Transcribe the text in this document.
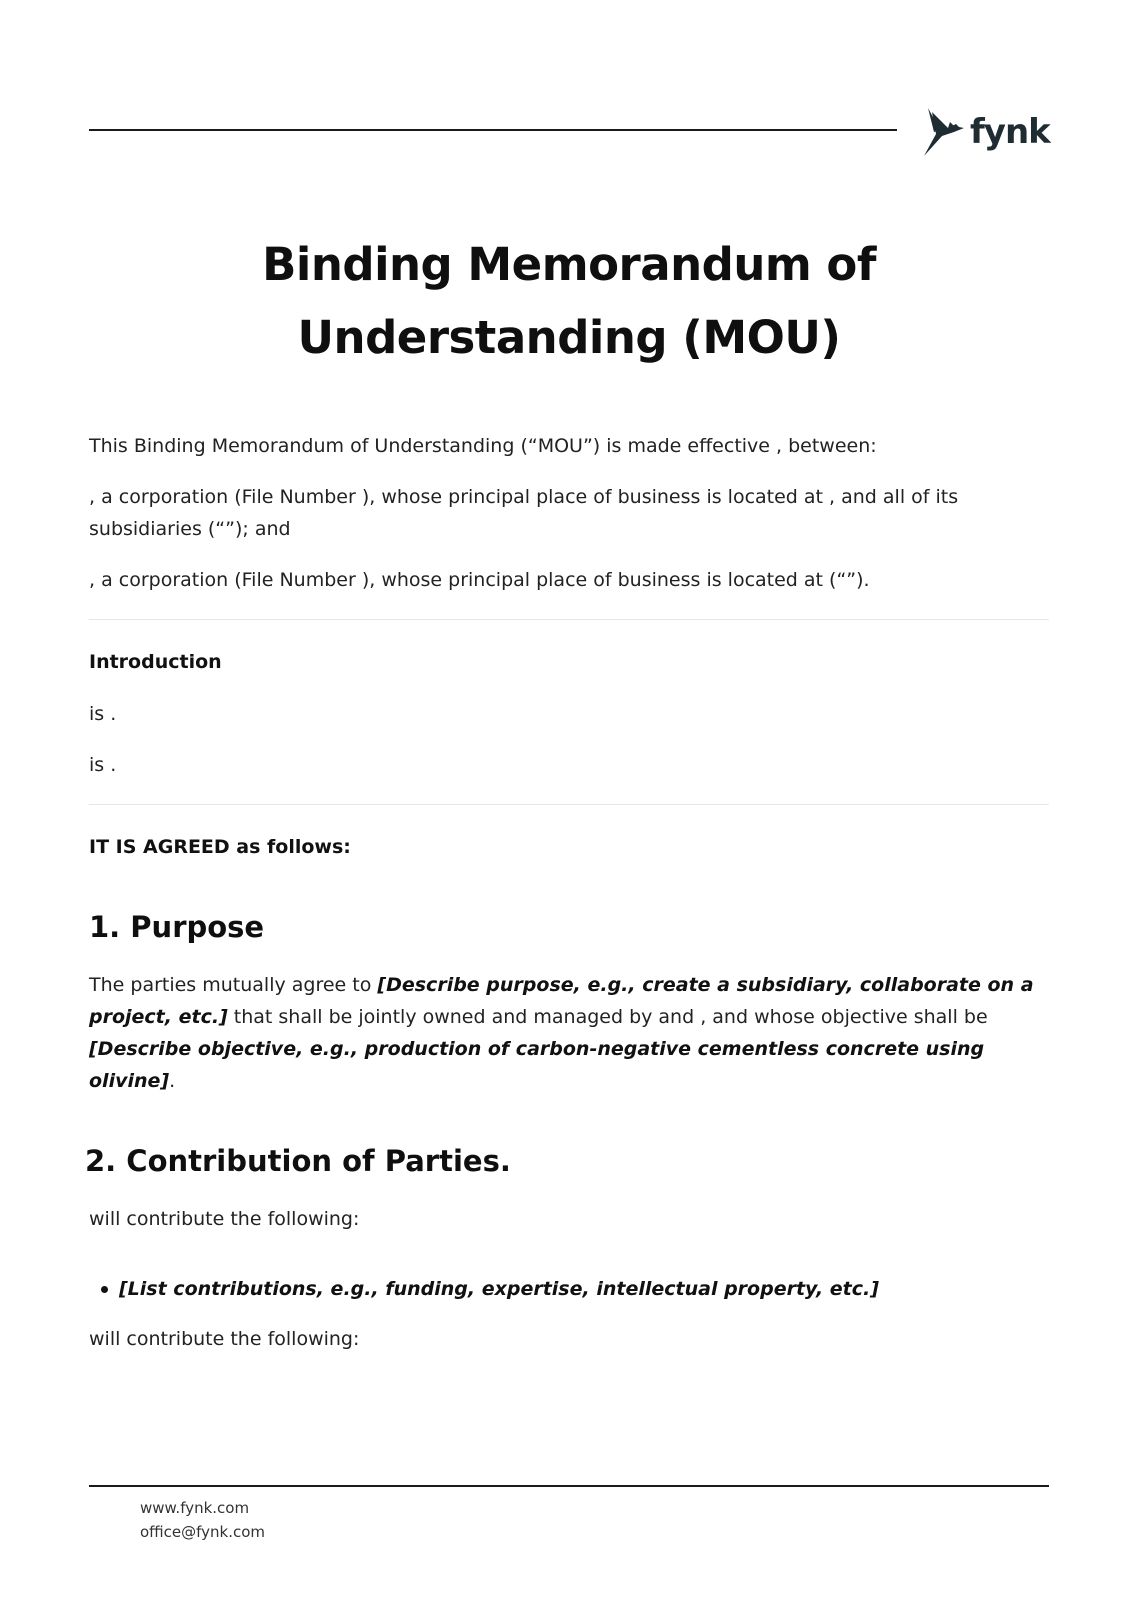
fynk
Binding Memorandum of
Understanding (MOU)

This Binding Memorandum of Understanding (“MOU”) is made effective , between:

, a corporation (File Number ), whose principal place of business is located at , and all of its subsidiaries (“”); and

, a corporation (File Number ), whose principal place of business is located at (“”).

Introduction

is .

is .

IT IS AGREED as follows:

1. Purpose

The parties mutually agree to [Describe purpose, e.g., create a subsidiary, collaborate on a project, etc.] that shall be jointly owned and managed by and , and whose objective shall be [Describe objective, e.g., production of carbon-negative cementless concrete using olivine].

2. Contribution of Parties.

will contribute the following:

[List contributions, e.g., funding, expertise, intellectual property, etc.]

will contribute the following:

www.fynk.com
office@fynk.com
